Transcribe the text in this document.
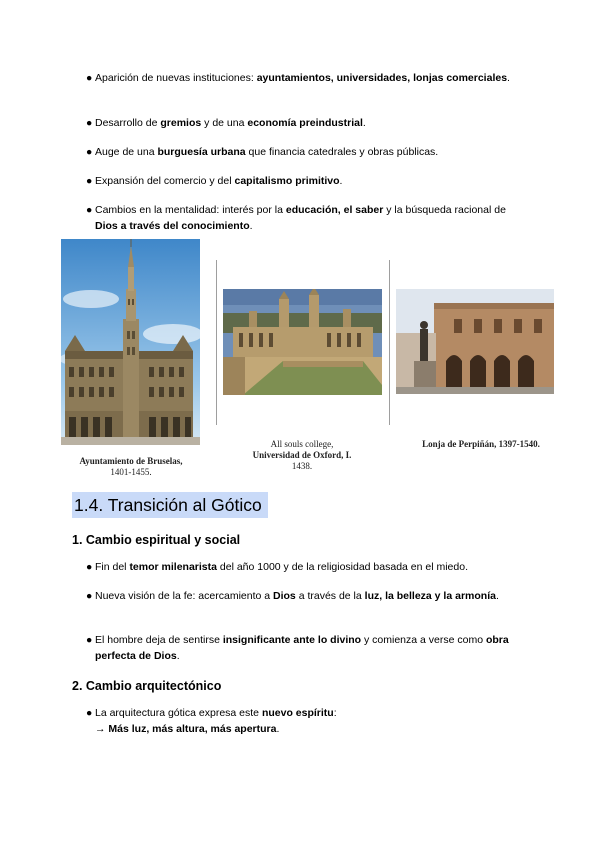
● Aparición de nuevas instituciones: ayuntamientos, universidades, lonjas comerciales.
● Desarrollo de gremios y de una economía preindustrial.
● Auge de una burguesía urbana que financia catedrales y obras públicas.
● Expansión del comercio y del capitalismo primitivo.
● Cambios en la mentalidad: interés por la educación, el saber y la búsqueda racional de Dios a través del conocimiento.
Ayuntamiento de Bruselas,
1401-1455.
All souls college,
Universidad de Oxford, I.
1438.
Lonja de Perpiñán, 1397-1540.
1.4. Transición al Gótico
1. Cambio espiritual y social
● Fin del temor milenarista del año 1000 y de la religiosidad basada en el miedo.
● Nueva visión de la fe: acercamiento a Dios a través de la luz, la belleza y la armonía.
● El hombre deja de sentirse insignificante ante lo divino y comienza a verse como obra perfecta de Dios.
2. Cambio arquitectónico
● La arquitectura gótica expresa este nuevo espíritu:
→ Más luz, más altura, más apertura.
